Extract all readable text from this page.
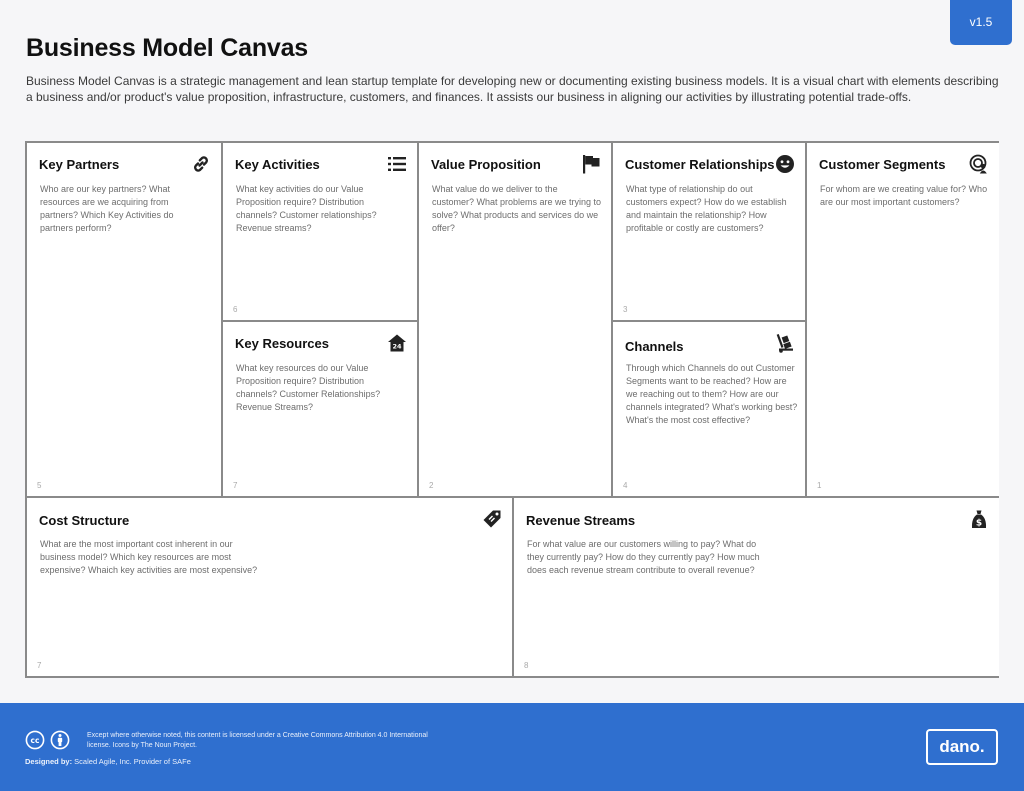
v1.5
Business Model Canvas

Business Model Canvas is a strategic management and lean startup template for developing new or documenting existing business models. It is a visual chart with elements describing a business and/or product's value proposition, infrastructure, customers, and finances. It assists our business in aligning our activities by illustrating potential trade-offs.

Key Partners
Who are our key partners? What resources are we acquiring from partners? Which Key Activities do partners perform?
5
Key Activities
What key activities do our Value Proposition require? Distribution channels? Customer relationships? Revenue streams?
6
Key Resources	24
What key resources do our Value Proposition require? Distribution channels? Customer Relationships? Revenue Streams?
7
Value Proposition
What value do we deliver to the customer? What problems are we trying to solve? What products and services do we offer?
2
Customer Relationships
What type of relationship do out customers expect? How do we establish and maintain the relationship? How profitable or costly are customers?
3
Channels
Through which Channels do out Customer Segments want to be reached? How are we reaching out to them? How are our channels integrated? What's working best? What's the most cost effective?
4
Customer Segments
For whom are we creating value for? Who are our most important customers?
1
Cost Structure
What are the most important cost inherent in our business model? Which key resources are most expensive? Whaich key activities are most expensive?
7
Revenue Streams	$
For what value are our customers willing to pay? What do they currently pay? How do they currently pay? How much does each revenue stream contribute to overall revenue?
8
cc
Except where otherwise noted, this content is licensed under a Creative Commons Attribution 4.0 International license. Icons by The Noun Project.
Designed by: Scaled Agile, Inc. Provider of SAFe
dano.
